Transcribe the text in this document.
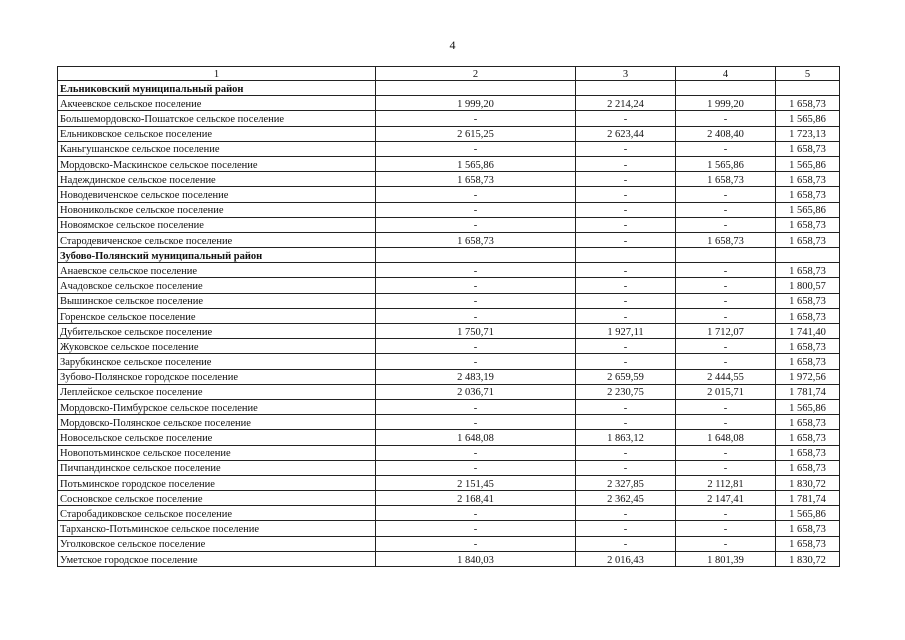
4
1	2	3	4	5
Ельниковский муниципальный район				
Акчеевское сельское поселение	1 999,20	2 214,24	1 999,20	1 658,73
Большемордовско-Пошатское сельское поселение	-	-	-	1 565,86
Ельниковское сельское поселение	2 615,25	2 623,44	2 408,40	1 723,13
Каньгушанское сельское поселение	-	-	-	1 658,73
Мордовско-Маскинское сельское поселение	1 565,86	-	1 565,86	1 565,86
Надеждинское сельское поселение	1 658,73	-	1 658,73	1 658,73
Новодевиченское сельское поселение	-	-	-	1 658,73
Новоникольское сельское поселение	-	-	-	1 565,86
Новоямское сельское поселение	-	-	-	1 658,73
Стародевиченское сельское поселение	1 658,73	-	1 658,73	1 658,73
Зубово-Полянский муниципальный район				
Анаевское сельское поселение	-	-	-	1 658,73
Ачадовское сельское поселение	-	-	-	1 800,57
Вышинское сельское поселение	-	-	-	1 658,73
Горенское сельское поселение	-	-	-	1 658,73
Дубительское сельское поселение	1 750,71	1 927,11	1 712,07	1 741,40
Жуковское сельское поселение	-	-	-	1 658,73
Зарубкинское сельское поселение	-	-	-	1 658,73
Зубово-Полянское городское поселение	2 483,19	2 659,59	2 444,55	1 972,56
Леплейское сельское поселение	2 036,71	2 230,75	2 015,71	1 781,74
Мордовско-Пимбурское сельское поселение	-	-	-	1 565,86
Мордовско-Полянское сельское поселение	-	-	-	1 658,73
Новосельское сельское поселение	1 648,08	1 863,12	1 648,08	1 658,73
Новопотьминское сельское поселение	-	-	-	1 658,73
Пичпандинское сельское поселение	-	-	-	1 658,73
Потьминское городское поселение	2 151,45	2 327,85	2 112,81	1 830,72
Сосновское сельское поселение	2 168,41	2 362,45	2 147,41	1 781,74
Старобадиковское сельское поселение	-	-	-	1 565,86
Тарханско-Потьминское сельское поселение	-	-	-	1 658,73
Уголковское сельское поселение	-	-	-	1 658,73
Уметское городское поселение	1 840,03	2 016,43	1 801,39	1 830,72
